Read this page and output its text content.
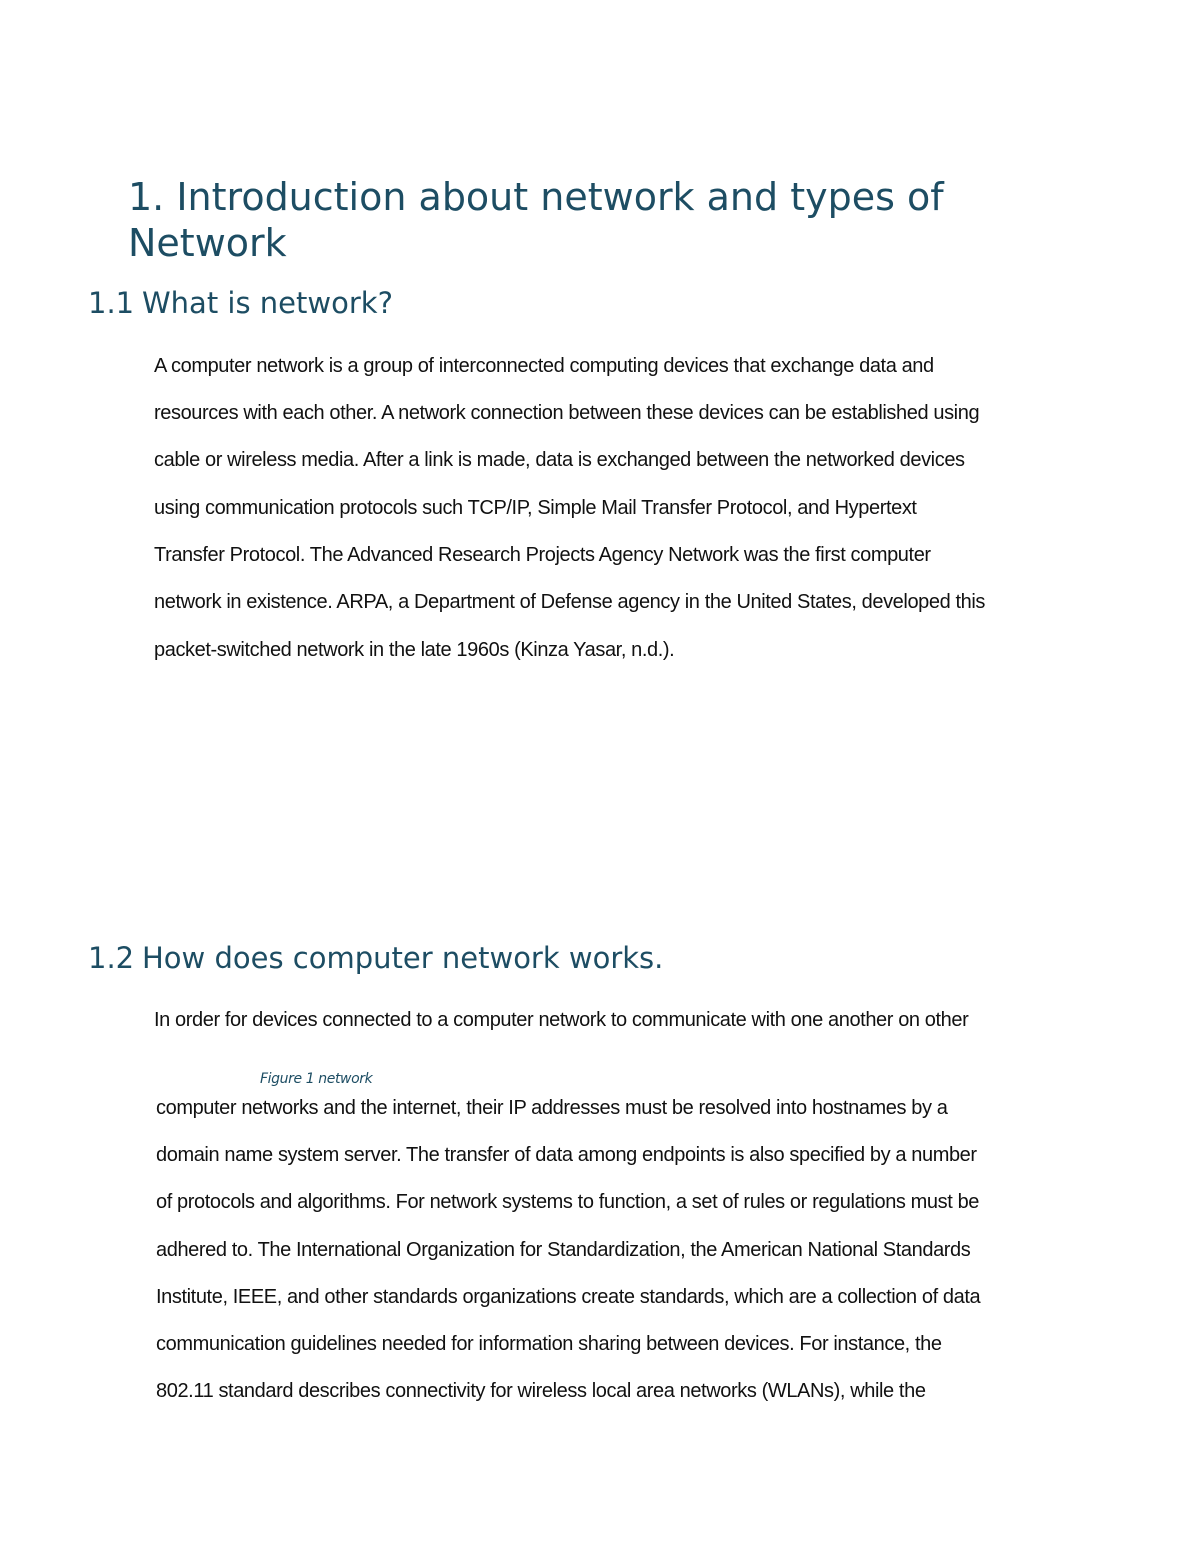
1. Introduction about network and types of Network
1.1 What is network?
A computer network is a group of interconnected computing devices that exchange data and
resources with each other. A network connection between these devices can be established using
cable or wireless media. After a link is made, data is exchanged between the networked devices
using communication protocols such TCP/IP, Simple Mail Transfer Protocol, and Hypertext
Transfer Protocol. The Advanced Research Projects Agency Network was the first computer
network in existence. ARPA, a Department of Defense agency in the United States, developed this
packet-switched network in the late 1960s (Kinza Yasar, n.d.).
1.2 How does computer network works.
In order for devices connected to a computer network to communicate with one another on other
Figure 1 network
computer networks and the internet, their IP addresses must be resolved into hostnames by a
domain name system server. The transfer of data among endpoints is also specified by a number
of protocols and algorithms. For network systems to function, a set of rules or regulations must be
adhered to. The International Organization for Standardization, the American National Standards
Institute, IEEE, and other standards organizations create standards, which are a collection of data
communication guidelines needed for information sharing between devices. For instance, the
802.11 standard describes connectivity for wireless local area networks (WLANs), while the
